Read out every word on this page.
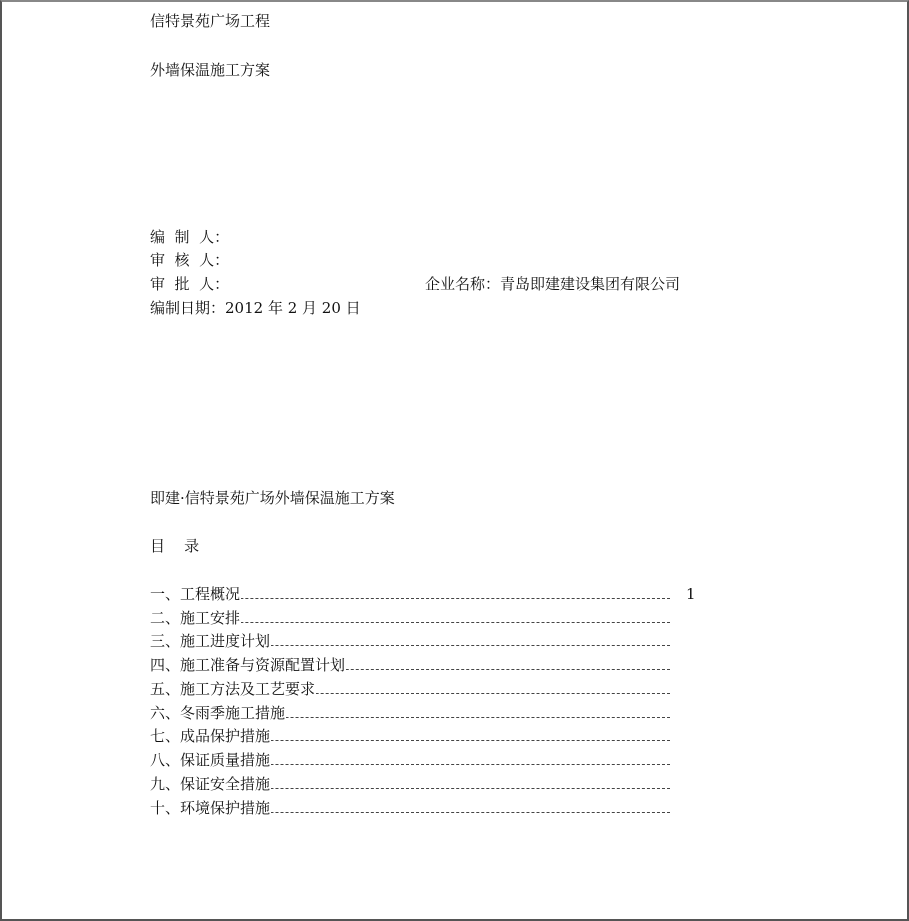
信特景苑广场工程
外墙保温施工方案
编  制  人：
审  核  人：
审  批  人：	企业名称：青岛即建建设集团有限公司
编制日期：2012 年 2 月 20 日
即建·信特景苑广场外墙保温施工方案
目    录
一、工程概况	1
二、施工安排
三、施工进度计划
四、施工准备与资源配置计划
五、施工方法及工艺要求
六、冬雨季施工措施
七、成品保护措施
八、保证质量措施
九、保证安全措施
十、环境保护措施
